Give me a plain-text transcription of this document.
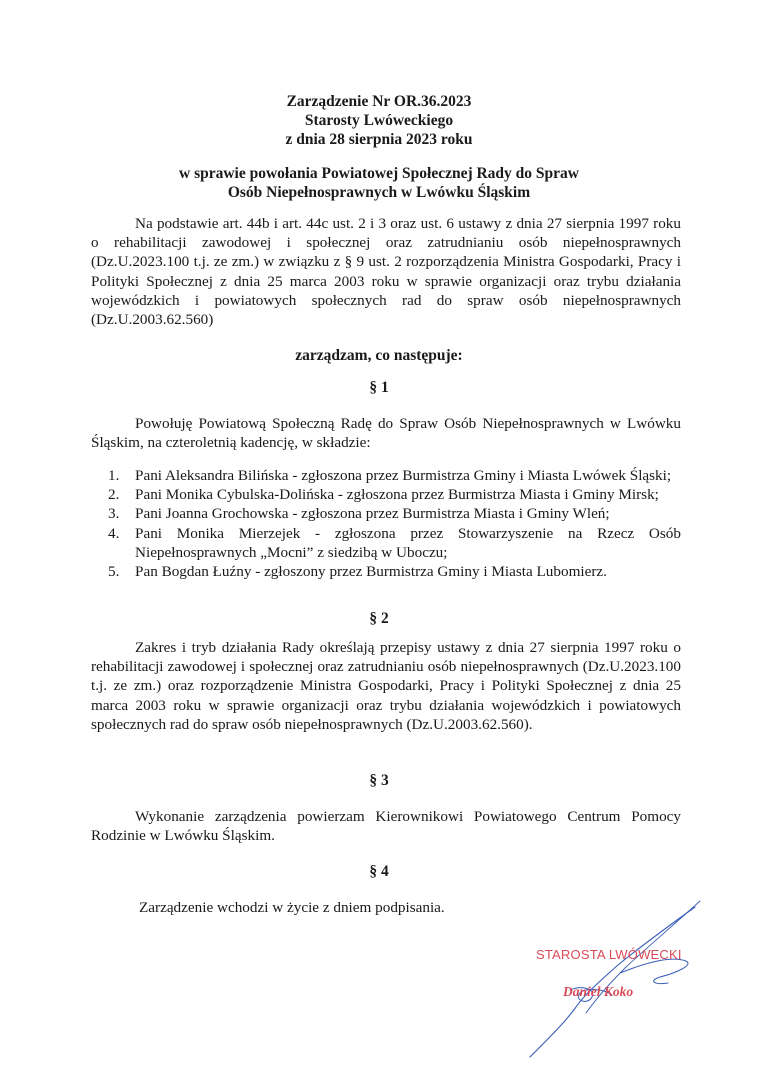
Zarządzenie Nr OR.36.2023
Starosty Lwóweckiego
z dnia 28 sierpnia 2023 roku
w sprawie powołania Powiatowej Społecznej Rady do Spraw
Osób Niepełnosprawnych w Lwówku Śląskim
Na podstawie art. 44b i art. 44c ust. 2 i 3 oraz ust. 6 ustawy z dnia 27 sierpnia 1997 roku o rehabilitacji zawodowej i społecznej oraz zatrudnianiu osób niepełnosprawnych (Dz.U.2023.100 t.j. ze zm.) w związku z § 9 ust. 2 rozporządzenia Ministra Gospodarki, Pracy i Polityki Społecznej z dnia 25 marca 2003 roku w sprawie organizacji oraz trybu działania wojewódzkich i powiatowych społecznych rad do spraw osób niepełnosprawnych (Dz.U.2003.62.560)
zarządzam, co następuje:
§ 1
Powołuję Powiatową Społeczną Radę do Spraw Osób Niepełnosprawnych w Lwówku Śląskim, na czteroletnią kadencję, w składzie:
1. Pani Aleksandra Bilińska - zgłoszona przez Burmistrza Gminy i Miasta Lwówek Śląski;
2. Pani Monika Cybulska-Dolińska - zgłoszona przez Burmistrza Miasta i Gminy Mirsk;
3. Pani Joanna Grochowska - zgłoszona przez Burmistrza Miasta i Gminy Wleń;
4. Pani Monika Mierzejek - zgłoszona przez Stowarzyszenie na Rzecz Osób Niepełnosprawnych „Mocni” z siedzibą w Uboczu;
5. Pan Bogdan Łuźny - zgłoszony przez Burmistrza Gminy i Miasta Lubomierz.
§ 2
Zakres i tryb działania Rady określają przepisy ustawy z dnia 27 sierpnia 1997 roku o rehabilitacji zawodowej i społecznej oraz zatrudnianiu osób niepełnosprawnych (Dz.U.2023.100 t.j. ze zm.) oraz rozporządzenie Ministra Gospodarki, Pracy i Polityki Społecznej z dnia 25 marca 2003 roku w sprawie organizacji oraz trybu działania wojewódzkich i powiatowych społecznych rad do spraw osób niepełnosprawnych (Dz.U.2003.62.560).
§ 3
Wykonanie zarządzenia powierzam Kierownikowi Powiatowego Centrum Pomocy Rodzinie w Lwówku Śląskim.
§ 4
Zarządzenie wchodzi w życie z dniem podpisania.
STAROSTA LWÓWECKI
Daniel Koko
